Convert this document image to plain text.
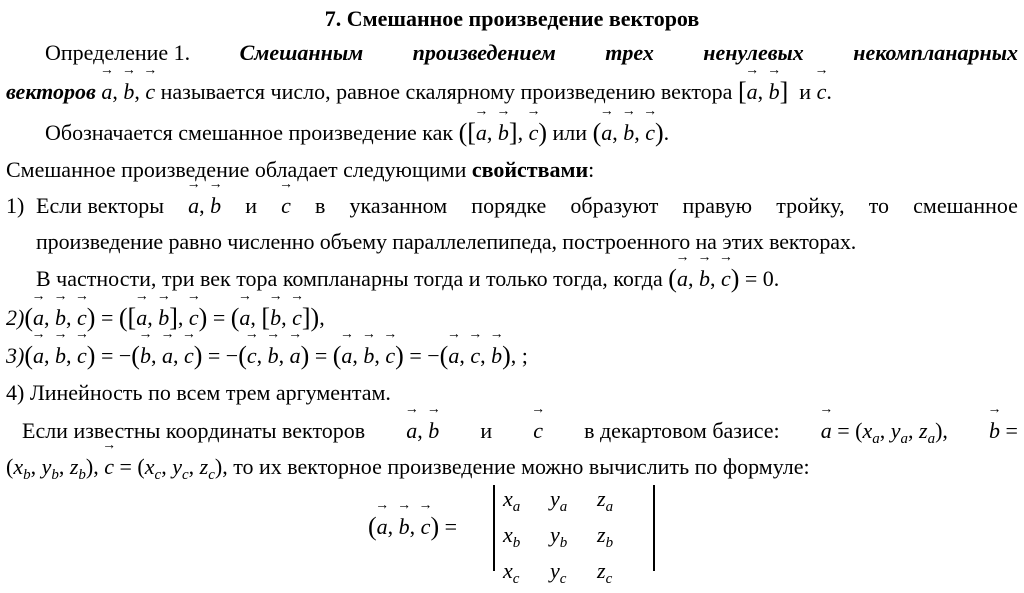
7. Смешанное произведение векторов
Определение 1. Смешанным произведением трех ненулевых некомпланарных
векторов → a, → b, → c называется число, равное скалярному произведению вектора [→ a, → b] и → c.
Обозначается смешанное произведение как ([→ a, → b], → c) или (→ a, → b, → c).
Смешанное произведение обладает следующими свойствами:
1) Если векторы → a, → b и → c в указанном порядке образуют правую тройку, то смешанное
произведение равно численно объему параллелепипеда, построенного на этих векторах.
В частности, три век тора компланарны тогда и только тогда, когда (→ a, → b, → c) = 0.
2)(→ a, → b, → c) = ([→ a, → b], → c) = (→ a, [→ b, → c]),
3)(→ a, → b, → c) = −(→ b, → a, → c) = −(→ c, → b, → a) = (→ a, → b, → c) = −(→ a, → c, → b), ;
4) Линейность по всем трем аргументам.
Если известны координаты векторов → a, → b и → c в декартовом базисе: → $a = (x_a$, $y_a$, $z_a$), → b =
($x_b$, $y_b$, $z_b$), → $c = (x_c$, $y_c$, $z_c$), то их векторное произведение можно вычислить по формуле:
(→ a, → b, → c) =
$x_a$	$y_a$	$z_a$
$x_b$	$y_b$	$z_b$
$x_c$	$y_c$	$z_c$
